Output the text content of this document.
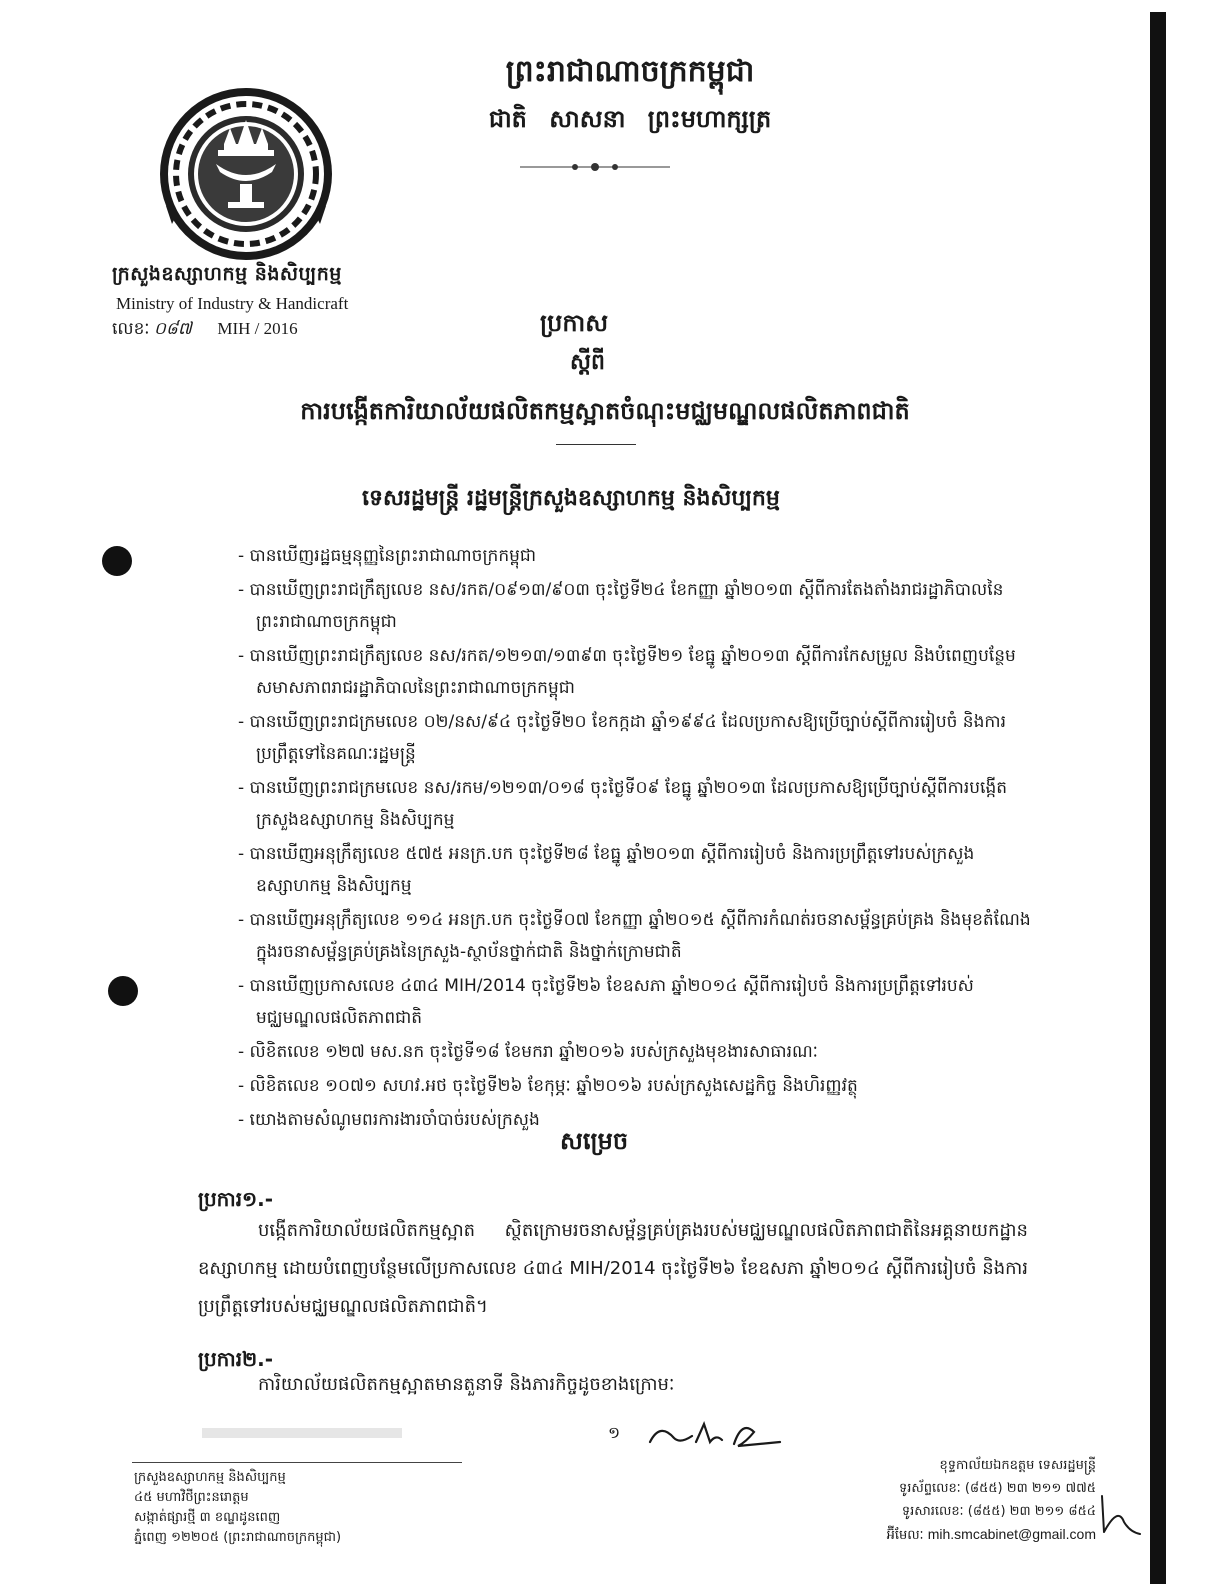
ក្រសួងឧស្សាហកម្ម និងសិប្បកម្ម
Ministry of Industry & Handicraft
លេខៈ ០៨៧ MIH / 2016
ព្រះរាជាណាចក្រកម្ពុជា
ជាតិ សាសនា ព្រះមហាក្សត្រ
ប្រកាស
ស្តីពី
ការបង្កើតការិយាល័យផលិតកម្មស្អាតចំណុះមជ្ឈមណ្ឌលផលិតភាពជាតិ
ទេសរដ្ឋមន្ត្រី រដ្ឋមន្ត្រីក្រសួងឧស្សាហកម្ម និងសិប្បកម្ម
- បានឃើញរដ្ឋធម្មនុញ្ញនៃព្រះរាជាណាចក្រកម្ពុជា
- បានឃើញព្រះរាជក្រឹត្យលេខ នស/រកត/០៩១៣/៩០៣ ចុះថ្ងៃទី២៤ ខែកញ្ញា ឆ្នាំ២០១៣ ស្តីពីការតែងតាំងរាជរដ្ឋាភិបាលនៃព្រះរាជាណាចក្រកម្ពុជា
- បានឃើញព្រះរាជក្រឹត្យលេខ នស/រកត/១២១៣/១៣៩៣ ចុះថ្ងៃទី២១ ខែធ្នូ ឆ្នាំ២០១៣ ស្តីពីការកែសម្រួល និងបំពេញបន្ថែមសមាសភាពរាជរដ្ឋាភិបាលនៃព្រះរាជាណាចក្រកម្ពុជា
- បានឃើញព្រះរាជក្រមលេខ ០២/នស/៩៤ ចុះថ្ងៃទី២០ ខែកក្កដា ឆ្នាំ១៩៩៤ ដែលប្រកាសឱ្យប្រើច្បាប់ស្តីពីការរៀបចំ និងការប្រព្រឹត្តទៅនៃគណៈរដ្ឋមន្ត្រី
- បានឃើញព្រះរាជក្រមលេខ នស/រកម/១២១៣/០១៨ ចុះថ្ងៃទី០៩ ខែធ្នូ ឆ្នាំ២០១៣ ដែលប្រកាសឱ្យប្រើច្បាប់ស្តីពីការបង្កើតក្រសួងឧស្សាហកម្ម និងសិប្បកម្ម
- បានឃើញអនុក្រឹត្យលេខ ៥៧៥ អនក្រ.បក ចុះថ្ងៃទី២៨ ខែធ្នូ ឆ្នាំ២០១៣ ស្តីពីការរៀបចំ និងការប្រព្រឹត្តទៅរបស់ក្រសួងឧស្សាហកម្ម និងសិប្បកម្ម
- បានឃើញអនុក្រឹត្យលេខ ១១៤ អនក្រ.បក ចុះថ្ងៃទី០៧ ខែកញ្ញា ឆ្នាំ២០១៥ ស្តីពីការកំណត់រចនាសម្ព័ន្ធគ្រប់គ្រង និងមុខតំណែងក្នុងរចនាសម្ព័ន្ធគ្រប់គ្រងនៃក្រសួង-ស្ថាប័នថ្នាក់ជាតិ និងថ្នាក់ក្រោមជាតិ
- បានឃើញប្រកាសលេខ ៤៣៤ MIH/2014 ចុះថ្ងៃទី២៦ ខែឧសភា ឆ្នាំ២០១៤ ស្តីពីការរៀបចំ និងការប្រព្រឹត្តទៅរបស់មជ្ឈមណ្ឌលផលិតភាពជាតិ
- លិខិតលេខ ១២៧ មស.នក ចុះថ្ងៃទី១៨ ខែមករា ឆ្នាំ២០១៦ របស់ក្រសួងមុខងារសាធារណៈ
- លិខិតលេខ ១០៧១ សហវ.អថ ចុះថ្ងៃទី២៦ ខែកុម្ភៈ ឆ្នាំ២០១៦ របស់ក្រសួងសេដ្ឋកិច្ច និងហិរញ្ញវត្ថុ
- យោងតាមសំណូមពរការងារចាំបាច់របស់ក្រសួង
សម្រេច
ប្រការ១.-
បង្កើតការិយាល័យផលិតកម្មស្អាត ស្ថិតក្រោមរចនាសម្ព័ន្ធគ្រប់គ្រងរបស់មជ្ឈមណ្ឌលផលិតភាពជាតិនៃអគ្គនាយកដ្ឋានឧស្សាហកម្ម ដោយបំពេញបន្ថែមលើប្រកាសលេខ ៤៣៤ MIH/2014 ចុះថ្ងៃទី២៦ ខែឧសភា ឆ្នាំ២០១៤ ស្តីពីការរៀបចំ និងការប្រព្រឹត្តទៅរបស់មជ្ឈមណ្ឌលផលិតភាពជាតិ។
ប្រការ២.-
ការិយាល័យផលិតកម្មស្អាតមានតួនាទី និងភារកិច្ចដូចខាងក្រោមៈ
១
ក្រសួងឧស្សាហកម្ម និងសិប្បកម្ម
៤៥ មហាវិថីព្រះនរោត្តម
សង្កាត់ផ្សារថ្មី ៣ ខណ្ឌដូនពេញ
ភ្នំពេញ ១២២០៥ (ព្រះរាជាណាចក្រកម្ពុជា)
ខុទ្ទកាល័យឯកឧត្តម ទេសរដ្ឋមន្ត្រី
ទូរស័ព្ទលេខៈ (៨៥៥) ២៣ ២១១ ៧៧៥
ទូរសារលេខៈ (៨៥៥) ២៣ ២១១ ៨៥៤
អ៊ីមែលៈ mih.smcabinet@gmail.com
